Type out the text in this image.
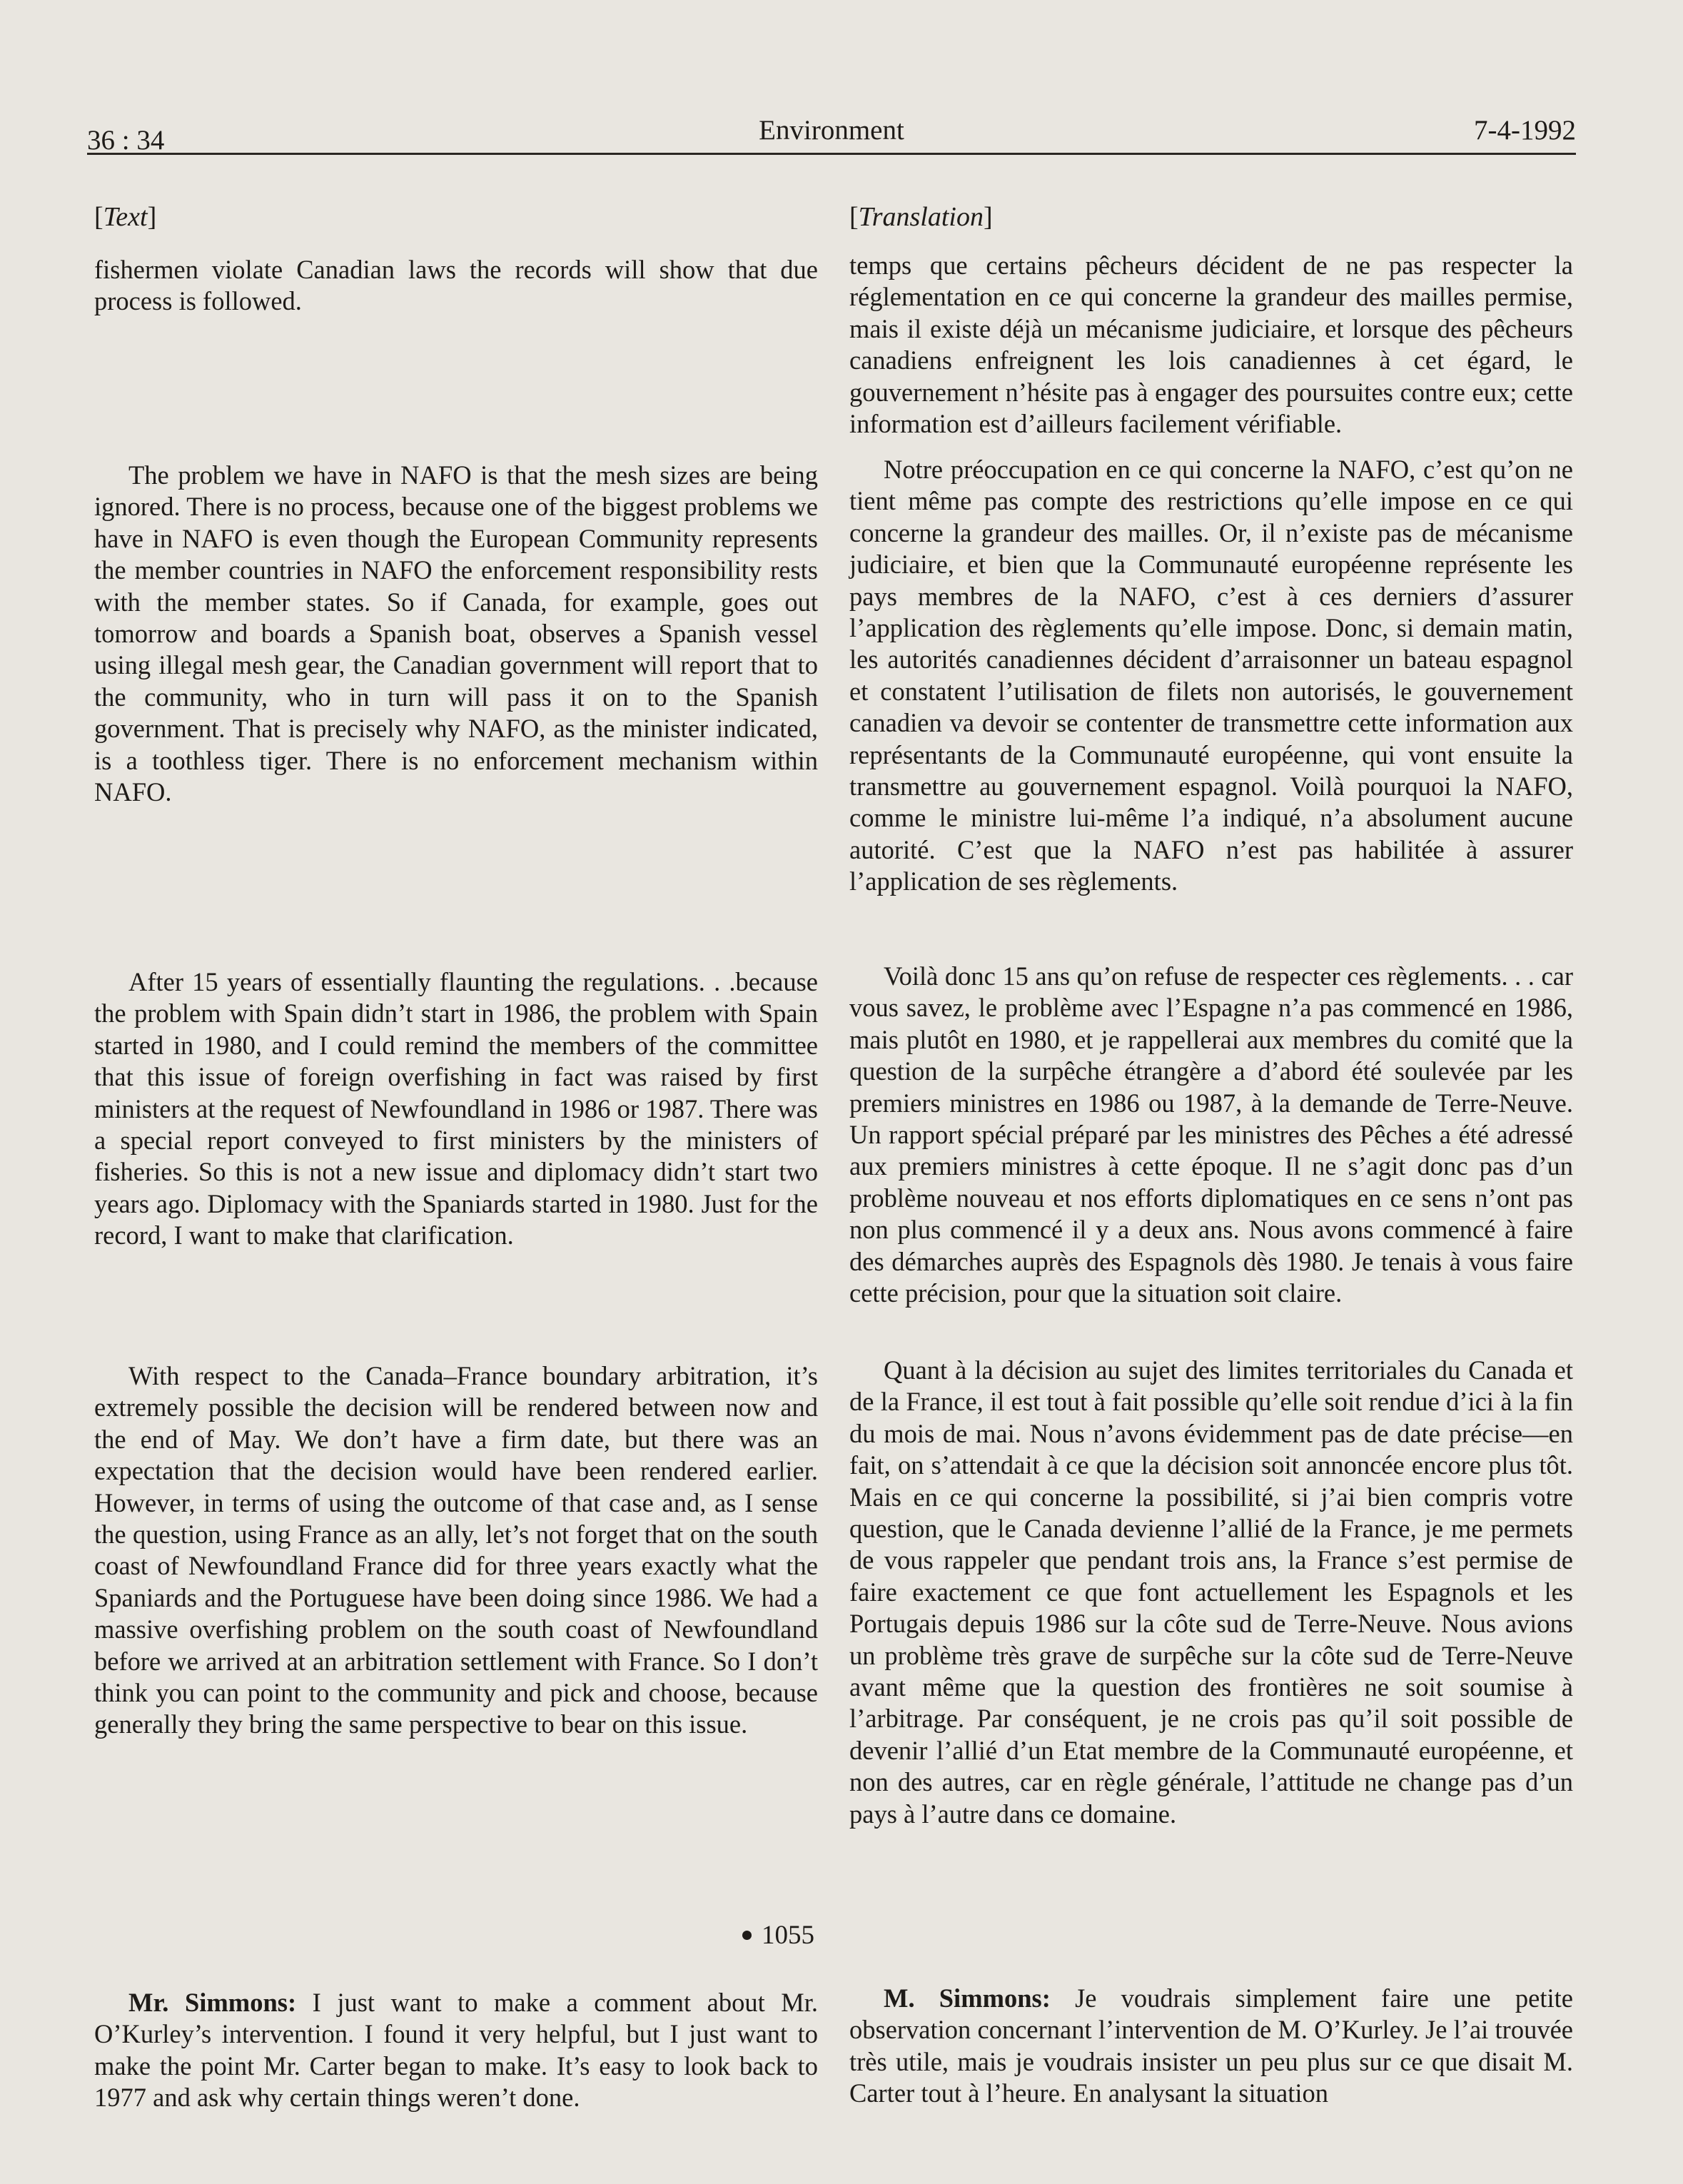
36 : 34	Environment	7-4-1992
[Text]

fishermen violate Canadian laws the records will show that due process is followed.

The problem we have in NAFO is that the mesh sizes are being ignored. There is no process, because one of the biggest problems we have in NAFO is even though the European Community represents the member countries in NAFO the enforcement responsibility rests with the member states. So if Canada, for example, goes out tomorrow and boards a Spanish boat, observes a Spanish vessel using illegal mesh gear, the Canadian government will report that to the community, who in turn will pass it on to the Spanish government. That is precisely why NAFO, as the minister indicated, is a toothless tiger. There is no enforcement mechanism within NAFO.

After 15 years of essentially flaunting the regulations. . .because the problem with Spain didn’t start in 1986, the problem with Spain started in 1980, and I could remind the members of the committee that this issue of foreign overfishing in fact was raised by first ministers at the request of Newfoundland in 1986 or 1987. There was a special report conveyed to first ministers by the ministers of fisheries. So this is not a new issue and diplomacy didn’t start two years ago. Diplomacy with the Spaniards started in 1980. Just for the record, I want to make that clarification.

With respect to the Canada–France boundary arbitration, it’s extremely possible the decision will be rendered between now and the end of May. We don’t have a firm date, but there was an expectation that the decision would have been rendered earlier. However, in terms of using the outcome of that case and, as I sense the question, using France as an ally, let’s not forget that on the south coast of Newfoundland France did for three years exactly what the Spaniards and the Portuguese have been doing since 1986. We had a massive overfishing problem on the south coast of Newfoundland before we arrived at an arbitration settlement with France. So I don’t think you can point to the community and pick and choose, because generally they bring the same perspective to bear on this issue.

1055

Mr. Simmons: I just want to make a comment about Mr. O’Kurley’s intervention. I found it very helpful, but I just want to make the point Mr. Carter began to make. It’s easy to look back to 1977 and ask why certain things weren’t done.

[Translation]

temps que certains pêcheurs décident de ne pas respecter la réglementation en ce qui concerne la grandeur des mailles permise, mais il existe déjà un mécanisme judiciaire, et lorsque des pêcheurs canadiens enfreignent les lois canadiennes à cet égard, le gouvernement n’hésite pas à engager des poursuites contre eux; cette information est d’ailleurs facilement vérifiable.

Notre préoccupation en ce qui concerne la NAFO, c’est qu’on ne tient même pas compte des restrictions qu’elle impose en ce qui concerne la grandeur des mailles. Or, il n’existe pas de mécanisme judiciaire, et bien que la Communauté européenne représente les pays membres de la NAFO, c’est à ces derniers d’assurer l’application des règlements qu’elle impose. Donc, si demain matin, les autorités canadiennes décident d’arraisonner un bateau espagnol et constatent l’utilisation de filets non autorisés, le gouvernement canadien va devoir se contenter de transmettre cette information aux représentants de la Communauté européenne, qui vont ensuite la transmettre au gouvernement espagnol. Voilà pourquoi la NAFO, comme le ministre lui-même l’a indiqué, n’a absolument aucune autorité. C’est que la NAFO n’est pas habilitée à assurer l’application de ses règlements.

Voilà donc 15 ans qu’on refuse de respecter ces règlements. . . car vous savez, le problème avec l’Espagne n’a pas commencé en 1986, mais plutôt en 1980, et je rappellerai aux membres du comité que la question de la surpêche étrangère a d’abord été soulevée par les premiers ministres en 1986 ou 1987, à la demande de Terre-Neuve. Un rapport spécial préparé par les ministres des Pêches a été adressé aux premiers ministres à cette époque. Il ne s’agit donc pas d’un problème nouveau et nos efforts diplomatiques en ce sens n’ont pas non plus commencé il y a deux ans. Nous avons commencé à faire des démarches auprès des Espagnols dès 1980. Je tenais à vous faire cette précision, pour que la situation soit claire.

Quant à la décision au sujet des limites territoriales du Canada et de la France, il est tout à fait possible qu’elle soit rendue d’ici à la fin du mois de mai. Nous n’avons évidemment pas de date précise—en fait, on s’attendait à ce que la décision soit annoncée encore plus tôt. Mais en ce qui concerne la possibilité, si j’ai bien compris votre question, que le Canada devienne l’allié de la France, je me permets de vous rappeler que pendant trois ans, la France s’est permise de faire exactement ce que font actuellement les Espagnols et les Portugais depuis 1986 sur la côte sud de Terre-Neuve. Nous avions un problème très grave de surpêche sur la côte sud de Terre-Neuve avant même que la question des frontières ne soit soumise à l’arbitrage. Par conséquent, je ne crois pas qu’il soit possible de devenir l’allié d’un Etat membre de la Communauté européenne, et non des autres, car en règle générale, l’attitude ne change pas d’un pays à l’autre dans ce domaine.

M. Simmons: Je voudrais simplement faire une petite observation concernant l’intervention de M. O’Kurley. Je l’ai trouvée très utile, mais je voudrais insister un peu plus sur ce que disait M. Carter tout à l’heure. En analysant la situation
